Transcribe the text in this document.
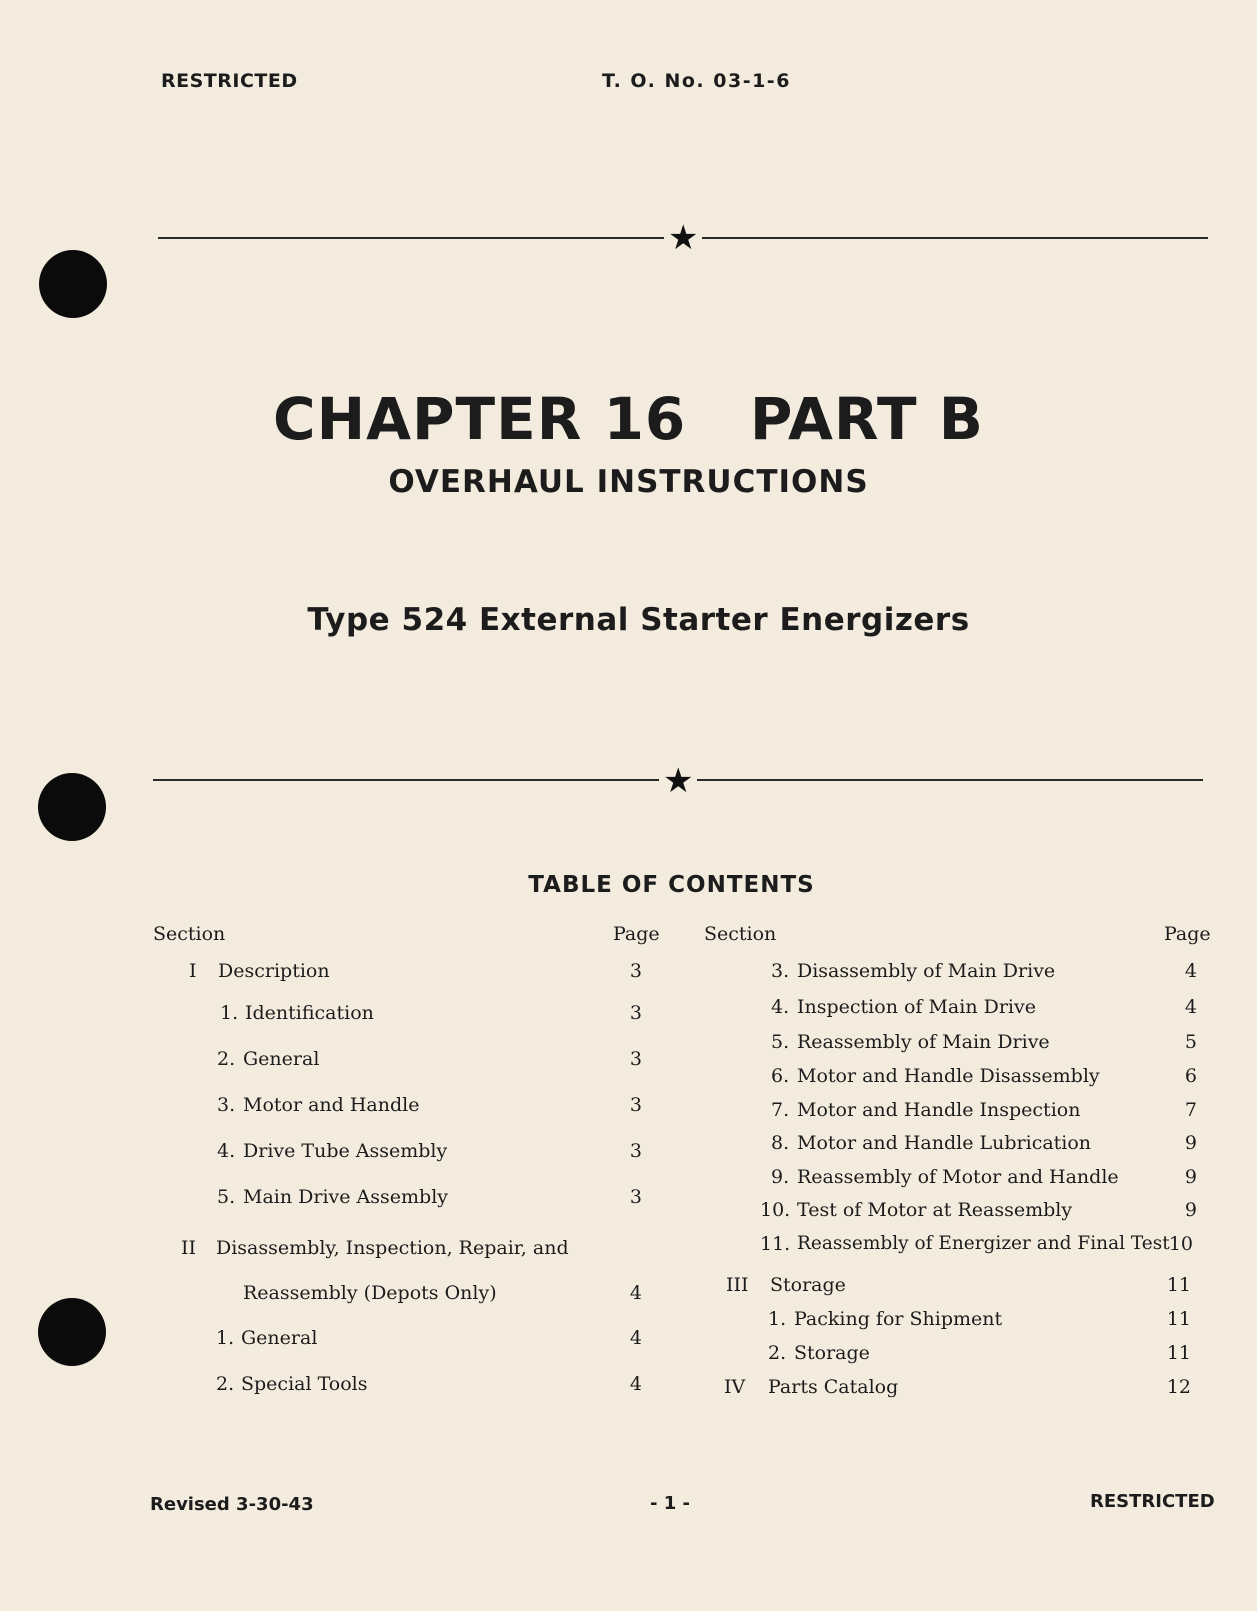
RESTRICTED	T. O. No. 03-1-6
★
CHAPTER 16   PART B
OVERHAUL INSTRUCTIONS
Type 524 External Starter Energizers
★
TABLE OF CONTENTS
Section	Page Section	Page
I Description	3
1. Identification	3
2. General	3
3. Motor and Handle	3
4. Drive Tube Assembly	3
5. Main Drive Assembly	3
II Disassembly, Inspection, Repair, and
Reassembly (Depots Only)	4
1. General	4
2. Special Tools	4
3. Disassembly of Main Drive	4
4. Inspection of Main Drive	4
5. Reassembly of Main Drive	5
6. Motor and Handle Disassembly	6
7. Motor and Handle Inspection	7
8. Motor and Handle Lubrication	9
9. Reassembly of Motor and Handle	9
10. Test of Motor at Reassembly	9
11. Reassembly of Energizer and Final Test 10
III Storage	11
1. Packing for Shipment	11
2. Storage	11
IV Parts Catalog	12
Revised 3-30-43	- 1 -	RESTRICTED
